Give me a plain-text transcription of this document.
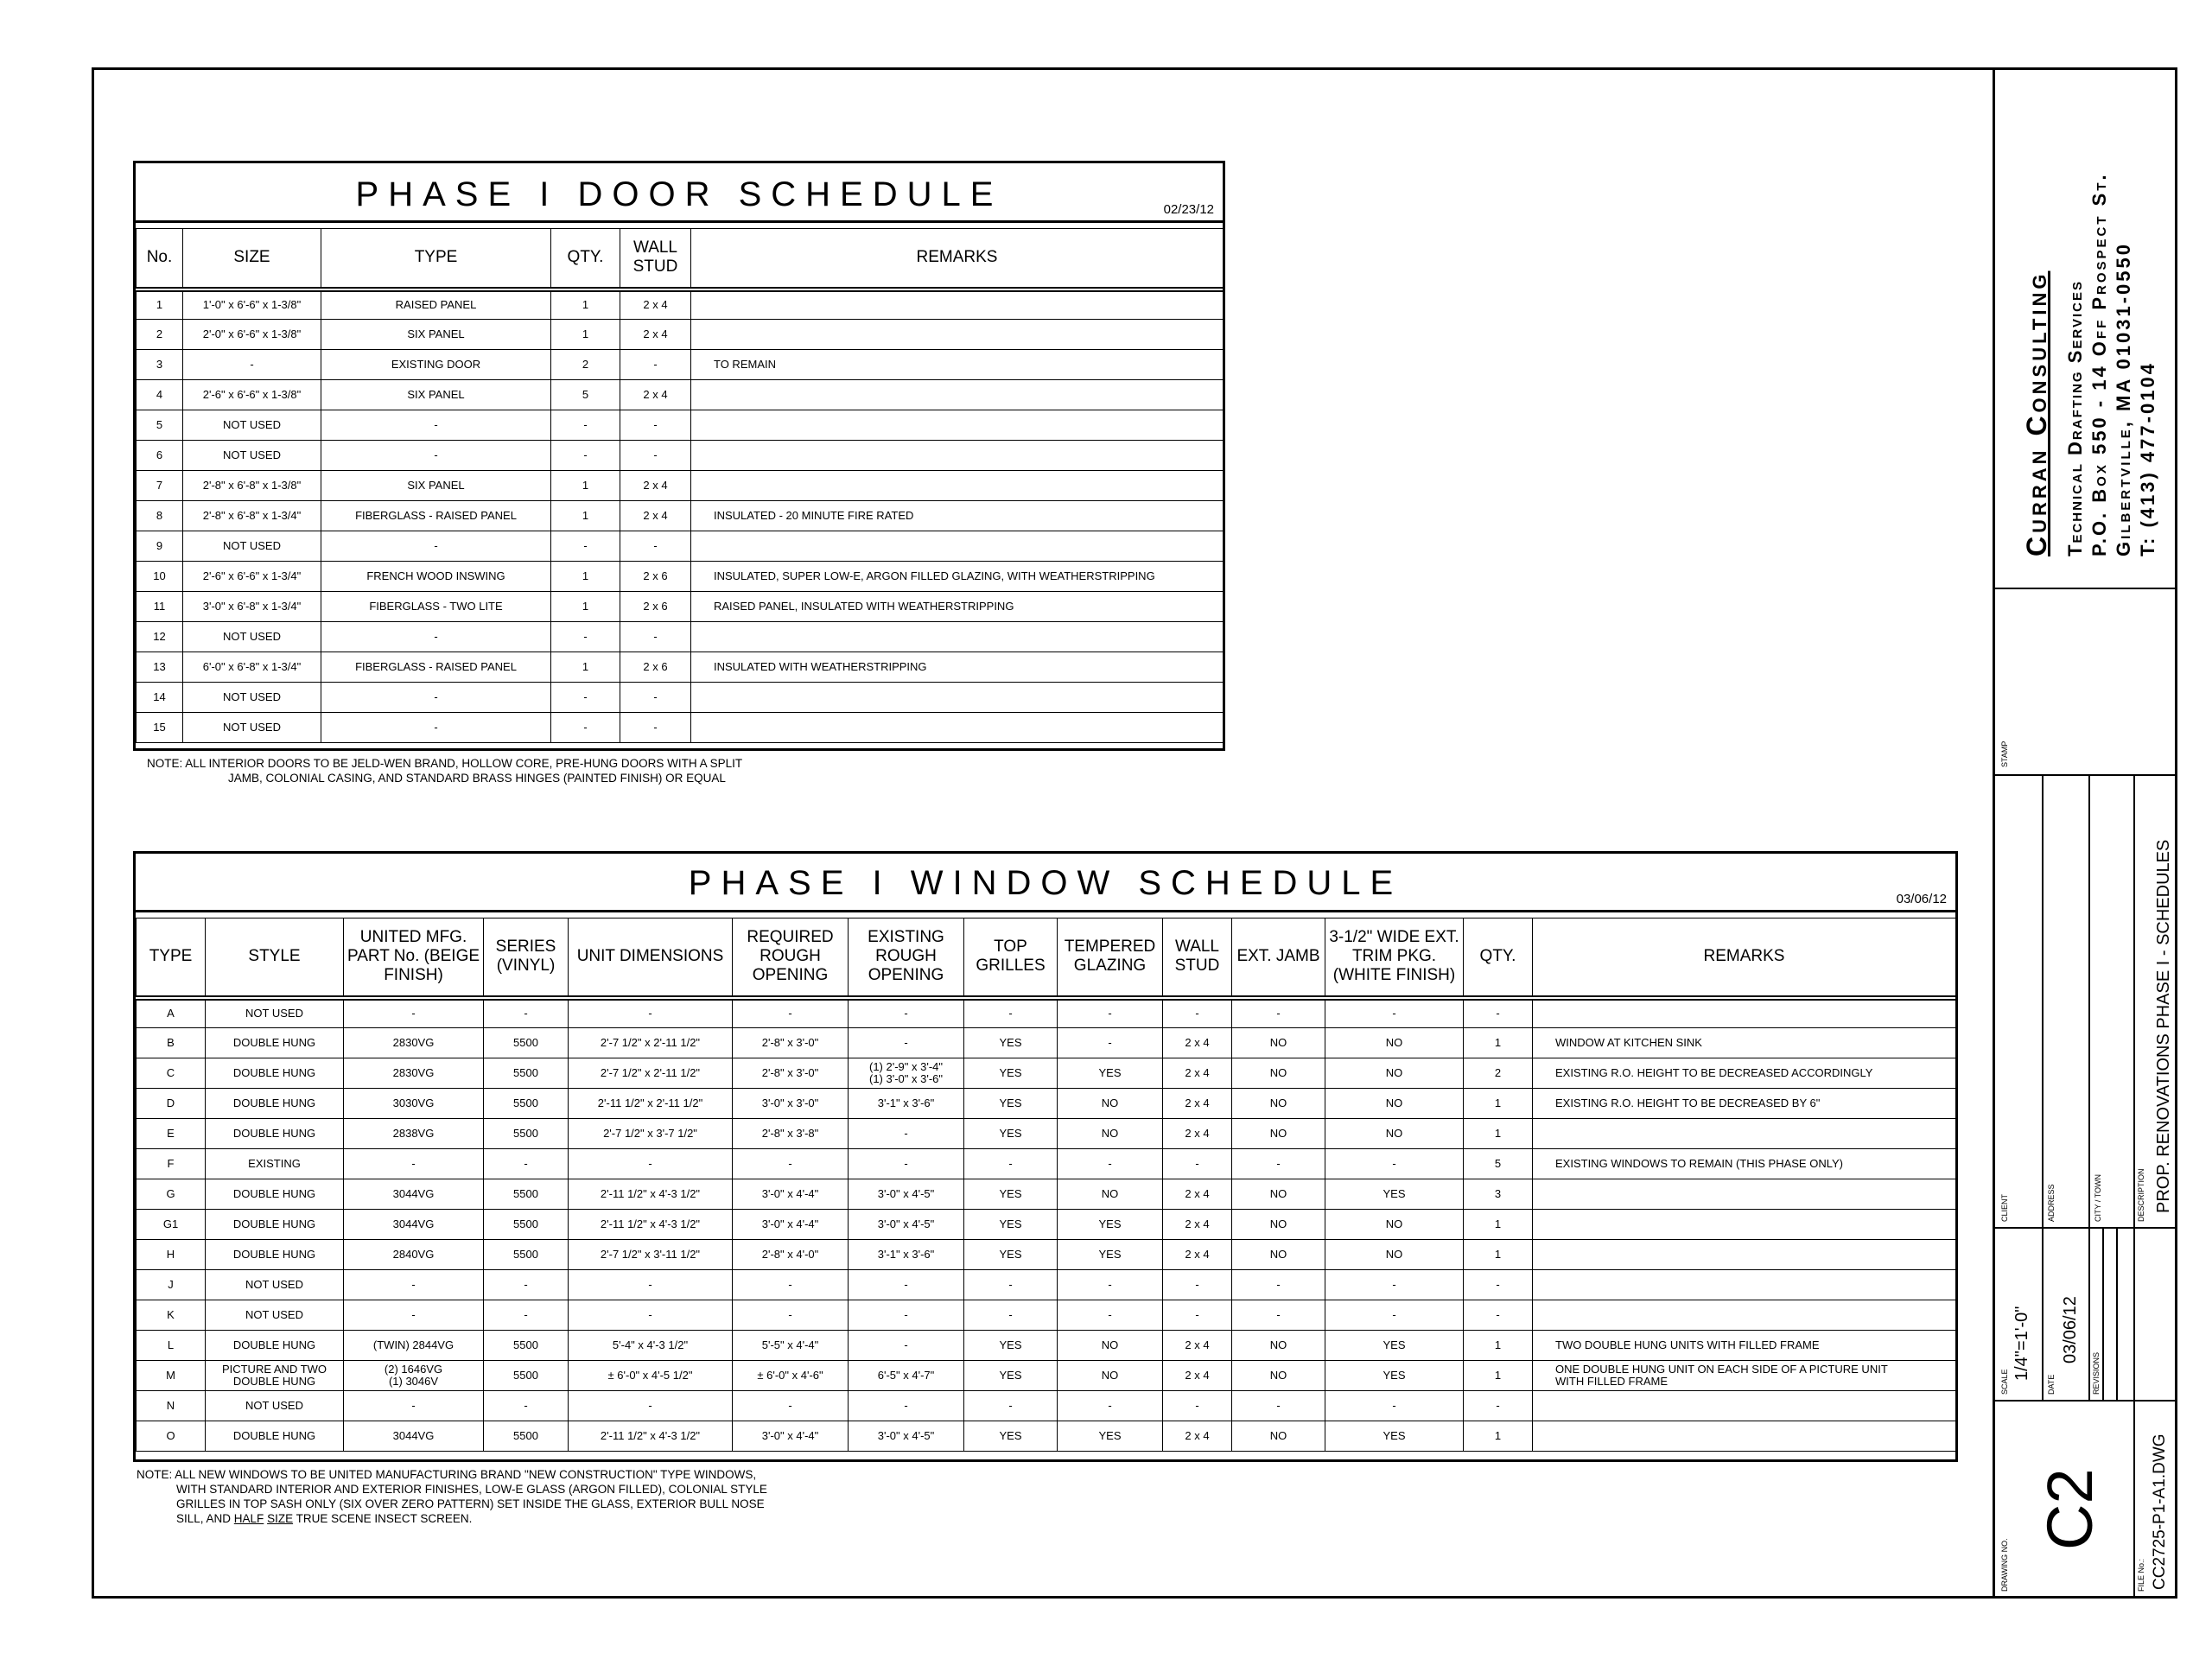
PHASE I DOOR SCHEDULE	02/23/12
No.	SIZE	TYPE	QTY.	WALL STUD	REMARKS
1	1'-0" x 6'-6" x 1-3/8"	RAISED PANEL	1	2 x 4	
2	2'-0" x 6'-6" x 1-3/8"	SIX PANEL	1	2 x 4	
3	-	EXISTING DOOR	2	-	TO REMAIN
4	2'-6" x 6'-6" x 1-3/8"	SIX PANEL	5	2 x 4	
5	NOT USED	-	-	-	
6	NOT USED	-	-	-	
7	2'-8" x 6'-8" x 1-3/8"	SIX PANEL	1	2 x 4	
8	2'-8" x 6'-8" x 1-3/4"	FIBERGLASS - RAISED PANEL	1	2 x 4	INSULATED - 20 MINUTE FIRE RATED
9	NOT USED	-	-	-	
10	2'-6" x 6'-6" x 1-3/4"	FRENCH WOOD INSWING	1	2 x 6	INSULATED, SUPER LOW-E, ARGON FILLED GLAZING, WITH WEATHERSTRIPPING
11	3'-0" x 6'-8" x 1-3/4"	FIBERGLASS - TWO LITE	1	2 x 6	RAISED PANEL, INSULATED WITH WEATHERSTRIPPING
12	NOT USED	-	-	-	
13	6'-0" x 6'-8" x 1-3/4"	FIBERGLASS - RAISED PANEL	1	2 x 6	INSULATED WITH WEATHERSTRIPPING
14	NOT USED	-	-	-	
15	NOT USED	-	-	-	
NOTE: ALL INTERIOR DOORS TO BE JELD-WEN BRAND, HOLLOW CORE, PRE-HUNG DOORS WITH A SPLIT
JAMB, COLONIAL CASING, AND STANDARD BRASS HINGES (PAINTED FINISH) OR EQUAL
PHASE I WINDOW SCHEDULE	03/06/12
TYPE	STYLE	UNITED MFG. PART No. (BEIGE FINISH)	SERIES (VINYL)	UNIT DIMENSIONS	REQUIRED ROUGH OPENING	EXISTING ROUGH OPENING	TOP GRILLES	TEMPERED GLAZING	WALL STUD	EXT. JAMB	3-1/2" WIDE EXT. TRIM PKG. (WHITE FINISH)	QTY.	REMARKS
A	NOT USED	-	-	-	-	-	-	-	-	-	-	-	
B	DOUBLE HUNG	2830VG	5500	2'-7 1/2" x 2'-11 1/2"	2'-8" x 3'-0"	-	YES	-	2 x 4	NO	NO	1	WINDOW AT KITCHEN SINK
C	DOUBLE HUNG	2830VG	5500	2'-7 1/2" x 2'-11 1/2"	2'-8" x 3'-0"	(1) 2'-9" x 3'-4"
(1) 3'-0" x 3'-6"	YES	YES	2 x 4	NO	NO	2	EXISTING R.O. HEIGHT TO BE DECREASED ACCORDINGLY
D	DOUBLE HUNG	3030VG	5500	2'-11 1/2" x 2'-11 1/2"	3'-0" x 3'-0"	3'-1" x 3'-6"	YES	NO	2 x 4	NO	NO	1	EXISTING R.O. HEIGHT TO BE DECREASED BY 6"
E	DOUBLE HUNG	2838VG	5500	2'-7 1/2" x 3'-7 1/2"	2'-8" x 3'-8"	-	YES	NO	2 x 4	NO	NO	1	
F	EXISTING	-	-	-	-	-	-	-	-	-	-	5	EXISTING WINDOWS TO REMAIN (THIS PHASE ONLY)
G	DOUBLE HUNG	3044VG	5500	2'-11 1/2" x 4'-3 1/2"	3'-0" x 4'-4"	3'-0" x 4'-5"	YES	NO	2 x 4	NO	YES	3	
G1	DOUBLE HUNG	3044VG	5500	2'-11 1/2" x 4'-3 1/2"	3'-0" x 4'-4"	3'-0" x 4'-5"	YES	YES	2 x 4	NO	NO	1	
H	DOUBLE HUNG	2840VG	5500	2'-7 1/2" x 3'-11 1/2"	2'-8" x 4'-0"	3'-1" x 3'-6"	YES	YES	2 x 4	NO	NO	1	
J	NOT USED	-	-	-	-	-	-	-	-	-	-	-	
K	NOT USED	-	-	-	-	-	-	-	-	-	-	-	
L	DOUBLE HUNG	(TWIN) 2844VG	5500	5'-4" x 4'-3 1/2"	5'-5" x 4'-4"	-	YES	NO	2 x 4	NO	YES	1	TWO DOUBLE HUNG UNITS WITH FILLED FRAME
M	PICTURE AND TWO
DOUBLE HUNG	(2) 1646VG
(1) 3046V	5500	± 6'-0" x 4'-5 1/2"	± 6'-0" x 4'-6"	6'-5" x 4'-7"	YES	NO	2 x 4	NO	YES	1	ONE DOUBLE HUNG UNIT ON EACH SIDE OF A PICTURE UNIT
WITH FILLED FRAME
N	NOT USED	-	-	-	-	-	-	-	-	-	-	-	
O	DOUBLE HUNG	3044VG	5500	2'-11 1/2" x 4'-3 1/2"	3'-0" x 4'-4"	3'-0" x 4'-5"	YES	YES	2 x 4	NO	YES	1	
NOTE: ALL NEW WINDOWS TO BE UNITED MANUFACTURING BRAND "NEW CONSTRUCTION" TYPE WINDOWS,
WITH STANDARD INTERIOR AND EXTERIOR FINISHES, LOW-E GLASS (ARGON FILLED), COLONIAL STYLE
GRILLES IN TOP SASH ONLY (SIX OVER ZERO PATTERN) SET INSIDE THE GLASS, EXTERIOR BULL NOSE
SILL, AND HALF SIZE TRUE SCENE INSECT SCREEN.
Curran Consulting Technical Drafting Services P.O. Box 550 - 14 Off Prospect St. Gilbertville, MA 01031-0550 T: (413) 477-0104
STAMP
CLIENT	ADDRESS	CITY / TOWN	DESCRIPTION PROP. RENOVATIONS PHASE I - SCHEDULES
SCALE
1/4"=1'-0"
DATE
03/06/12
REVISIONS
DRAWING NO.
C2
FILE No.: CC2725-P1-A1.DWG
